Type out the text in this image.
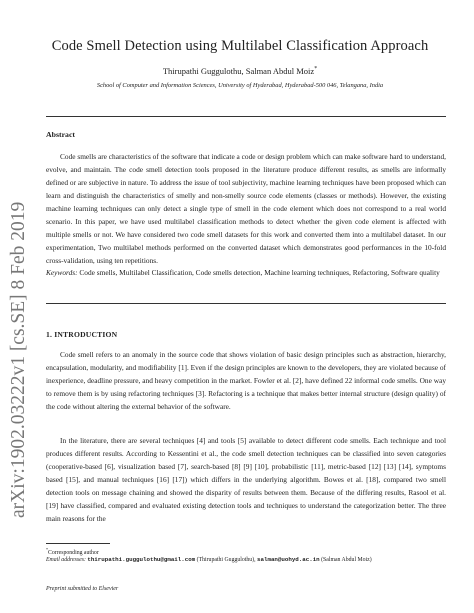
arXiv:1902.03222v1 [cs.SE] 8 Feb 2019
Code Smell Detection using Multilabel Classification Approach
Thirupathi Guggulothu, Salman Abdul Moiz*
School of Computer and Information Sciences, University of Hyderabad, Hyderabad-500 046, Telangana, India
Abstract

Code smells are characteristics of the software that indicate a code or design problem which can make software hard to understand, evolve, and maintain. The code smell detection tools proposed in the literature produce different results, as smells are informally defined or are subjective in nature. To address the issue of tool subjectivity, machine learning techniques have been proposed which can learn and distinguish the characteristics of smelly and non-smelly source code elements (classes or methods). However, the existing machine learning techniques can only detect a single type of smell in the code element which does not correspond to a real world scenario. In this paper, we have used multilabel classification methods to detect whether the given code element is affected with multiple smells or not. We have considered two code smell datasets for this work and converted them into a multilabel dataset. In our experimentation, Two multilabel methods performed on the converted dataset which demonstrates good performances in the 10-fold cross-validation, using ten repetitions.

Keywords: Code smells, Multilabel Classification, Code smells detection, Machine learning techniques, Refactoring, Software quality

1. INTRODUCTION

Code smell refers to an anomaly in the source code that shows violation of basic design principles such as abstraction, hierarchy, encapsulation, modularity, and modifiability [1]. Even if the design principles are known to the developers, they are violated because of inexperience, deadline pressure, and heavy competition in the market. Fowler et al. [2], have defined 22 informal code smells. One way to remove them is by using refactoring techniques [3]. Refactoring is a technique that makes better internal structure (design quality) of the code without altering the external behavior of the software.

In the literature, there are several techniques [4] and tools [5] available to detect different code smells. Each technique and tool produces different results. According to Kessentini et al., the code smell detection techniques can be classified into seven categories (cooperative-based [6], visualization based [7], search-based [8] [9] [10], probabilistic [11], metric-based [12] [13] [14], symptoms based [15], and manual techniques [16] [17]) which differs in the underlying algorithm. Bowes et al. [18], compared two smell detection tools on message chaining and showed the disparity of results between them. Because of the differing results, Rasool et al. [19] have classified, compared and evaluated existing detection tools and techniques to understand the categorization better. The three main reasons for the

*Corresponding author
Email addresses: thirupathi.guggulothu@gmail.com (Thirupathi Guggulothu), salman@uohyd.ac.in (Salman Abdul Moiz)
Preprint submitted to Elsevier
